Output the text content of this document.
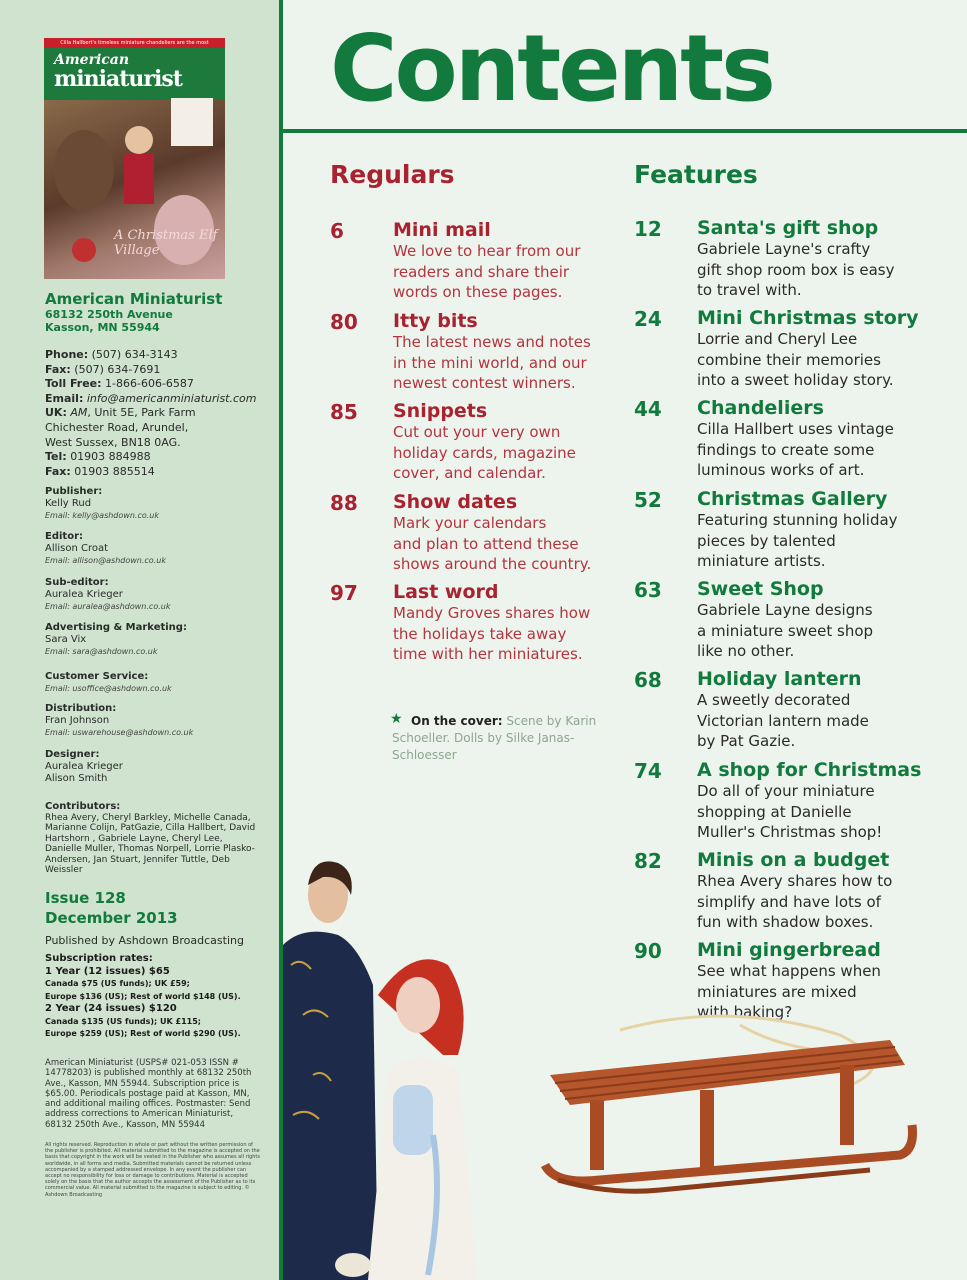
Cilla Hallbert's timeless miniature chandeliers are the most
American
miniaturist
A Christmas Elf Village
American Miniaturist
68132 250th Avenue
Kasson, MN 55944
Phone: (507) 634-3143
Fax: (507) 634-7691
Toll Free: 1-866-606-6587
Email: info@americanminiaturist.com
UK: AM, Unit 5E, Park Farm
Chichester Road, Arundel,
West Sussex, BN18 0AG.
Tel: 01903 884988
Fax: 01903 885514
Publisher:
Kelly Rud
Email: kelly@ashdown.co.uk
Editor:
Allison Croat
Email: allison@ashdown.co.uk
Sub-editor:
Auralea Krieger
Email: auralea@ashdown.co.uk
Advertising & Marketing:
Sara Vix
Email: sara@ashdown.co.uk
Customer Service:
Email: usoffice@ashdown.co.uk
Distribution:
Fran Johnson
Email: uswarehouse@ashdown.co.uk
Designer:
Auralea Krieger
Alison Smith
Contributors:
Rhea Avery, Cheryl Barkley, Michelle Canada, Marianne Colijn, PatGazie, Cilla Hallbert, David Hartshorn , Gabriele Layne, Cheryl Lee, Danielle Muller, Thomas Norpell, Lorrie Plasko-Andersen, Jan Stuart, Jennifer Tuttle, Deb Weissler
Issue 128
December 2013
Published by Ashdown Broadcasting
Subscription rates:
1 Year (12 issues) $65
Canada $75 (US funds); UK £59;
Europe $136 (US); Rest of world $148 (US).
2 Year (24 issues) $120
Canada $135 (US funds); UK £115;
Europe $259 (US); Rest of world $290 (US).
American Miniaturist (USPS# 021-053 ISSN # 14778203) is published monthly at 68132 250th Ave., Kasson, MN 55944. Subscription price is $65.00. Periodicals postage paid at Kasson, MN, and additional mailing offices. Postmaster: Send address corrections to American Miniaturist, 68132 250th Ave., Kasson, MN 55944
All rights reserved. Reproduction in whole or part without the written permission of the publisher is prohibited. All material submitted to the magazine is accepted on the basis that copyright in the work will be vested in the Publisher who assumes all rights worldwide, in all forms and media. Submitted materials cannot be returned unless accompanied by a stamped addressed envelope. In any event the publisher can accept no responsibility for loss or damage to contributions. Material is accepted solely on the basis that the author accepts the assessment of the Publisher as to its commercial value. All material submitted to the magazine is subject to editing. © Ashdown Broadcasting
Contents
Regulars	Features
6	Mini mail
We love to hear from our
readers and share their
words on these pages.
80 Itty bits
The latest news and notes
in the mini world, and our
newest contest winners.
85 Snippets
Cut out your very own
holiday cards, magazine
cover, and calendar.
88 Show dates
Mark your calendars
and plan to attend these
shows around the country.
97 Last word
Mandy Groves shares how
the holidays take away
time with her miniatures.
★ On the cover: Scene by Karin Schoeller. Dolls by Silke Janas-Schloesser
12 Santa's gift shop
Gabriele Layne's crafty
gift shop room box is easy
to travel with.
24 Mini Christmas story
Lorrie and Cheryl Lee
combine their memories
into a sweet holiday story.
44 Chandeliers
Cilla Hallbert uses vintage
findings to create some
luminous works of art.
52 Christmas Gallery
Featuring stunning holiday
pieces by talented
miniature artists.
63 Sweet Shop
Gabriele Layne designs
a miniature sweet shop
like no other.
68 Holiday lantern
A sweetly decorated
Victorian lantern made
by Pat Gazie.
74 A shop for Christmas
Do all of your miniature
shopping at Danielle
Muller's Christmas shop!
82 Minis on a budget
Rhea Avery shares how to
simplify and have lots of
fun with shadow boxes.
90 Mini gingerbread
See what happens when
miniatures are mixed
with baking?
